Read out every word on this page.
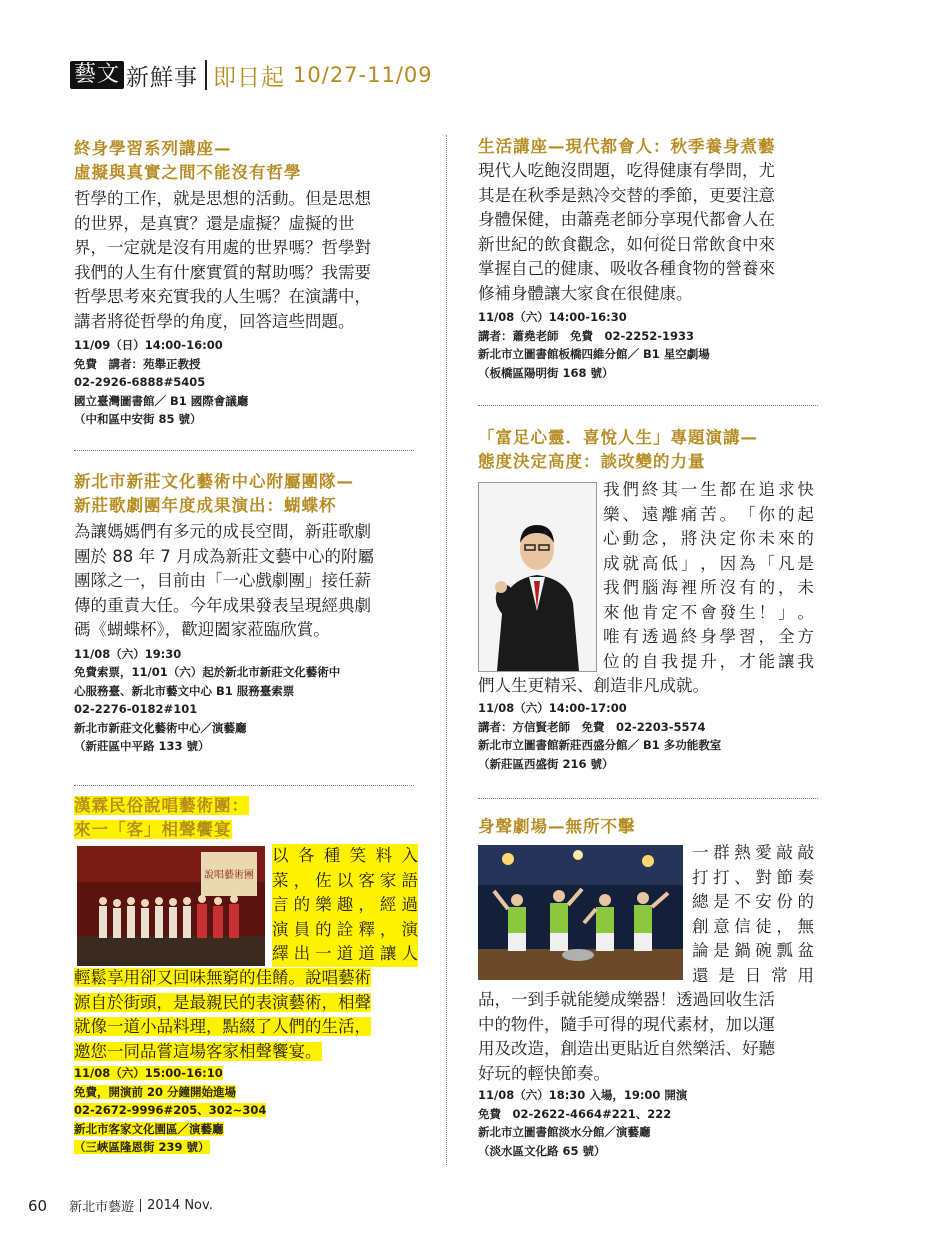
藝文 新鮮事 即日起 10/27-11/09
終身學習系列講座—
虛擬與真實之間不能沒有哲學
哲學的工作，就是思想的活動。但是思想
的世界，是真實？還是虛擬？虛擬的世
界，一定就是沒有用處的世界嗎？哲學對
我們的人生有什麼實質的幫助嗎？我需要
哲學思考來充實我的人生嗎？在演講中，
講者將從哲學的角度，回答這些問題。
11/09（日）14:00-16:00
免費　講者：苑舉正教授
02-2926-6888#5405
國立臺灣圖書館／ B1 國際會議廳
（中和區中安街 85 號）
新北市新莊文化藝術中心附屬團隊—
新莊歌劇團年度成果演出：蝴蝶杯
為讓媽媽們有多元的成長空間，新莊歌劇
團於 88 年 7 月成為新莊文藝中心的附屬
團隊之一，目前由「一心戲劇團」接任薪
傳的重責大任。今年成果發表呈現經典劇
碼《蝴蝶杯》，歡迎闔家蒞臨欣賞。
11/08（六）19:30
免費索票，11/01（六）起於新北市新莊文化藝術中
心服務臺、新北市藝文中心 B1 服務臺索票
02-2276-0182#101
新北市新莊文化藝術中心／演藝廳
（新莊區中平路 133 號）
漢霖民俗說唱藝術團：
來一「客」相聲饗宴
說唱藝術團
以 各 種 笑 料 入
菜 ， 佐 以 客 家 語
言 的 樂 趣 ， 經 過
演 員 的 詮 釋 ， 演
繹 出 一 道 道 讓 人
輕鬆享用卻又回味無窮的佳餚。說唱藝術
源自於街頭，是最親民的表演藝術，相聲
就像一道小品料理，點綴了人們的生活，
邀您一同品嘗這場客家相聲饗宴。
11/08（六）15:00-16:10
免費，開演前 20 分鐘開始進場
02-2672-9996#205、302~304
新北市客家文化園區／演藝廳
（三峽區隆恩街 239 號）
生活講座—現代都會人：秋季養身煮藝
現代人吃飽沒問題，吃得健康有學問，尤
其是在秋季是熱冷交替的季節，更要注意
身體保健，由蕭堯老師分享現代都會人在
新世紀的飲食觀念，如何從日常飲食中來
掌握自己的健康、吸收各種食物的營養來
修補身體讓大家食在很健康。
11/08（六）14:00-16:30
講者：蕭堯老師　免費　02-2252-1933
新北市立圖書館板橋四維分館／ B1 星空劇場
（板橋區陽明街 168 號）
「富足心靈．喜悅人生」專題演講—
態度決定高度：談改變的力量
我 們 終 其 一 生 都 在 追 求 快
樂 、 遠 離 痛 苦 。 「 你 的 起
心 動 念 ， 將 決 定 你 未 來 的
成 就 高 低 」 ， 因 為 「 凡 是
我 們 腦 海 裡 所 沒 有 的 ， 未
來 他 肯 定 不 會 發 生 ！ 」 。
唯 有 透 過 終 身 學 習 ， 全 方
位 的 自 我 提 升 ， 才 能 讓 我
們人生更精采、創造非凡成就。
11/08（六）14:00-17:00
講者：方信賢老師　免費　02-2203-5574
新北市立圖書館新莊西盛分館／ B1 多功能教室
（新莊區西盛街 216 號）
身聲劇場—無所不擊
一 群 熱 愛 敲 敲
打 打 、 對 節 奏
總 是 不 安 份 的
創 意 信 徒 ， 無
論 是 鍋 碗 瓢 盆
還 是 日 常 用
品，一到手就能變成樂器！透過回收生活
中的物件，隨手可得的現代素材，加以運
用及改造，創造出更貼近自然樂活、好聽
好玩的輕快節奏。
11/08（六）18:30 入場，19:00 開演
免費　02-2622-4664#221、222
新北市立圖書館淡水分館／演藝廳
（淡水區文化路 65 號）
60 新北市藝遊 2014 Nov.
